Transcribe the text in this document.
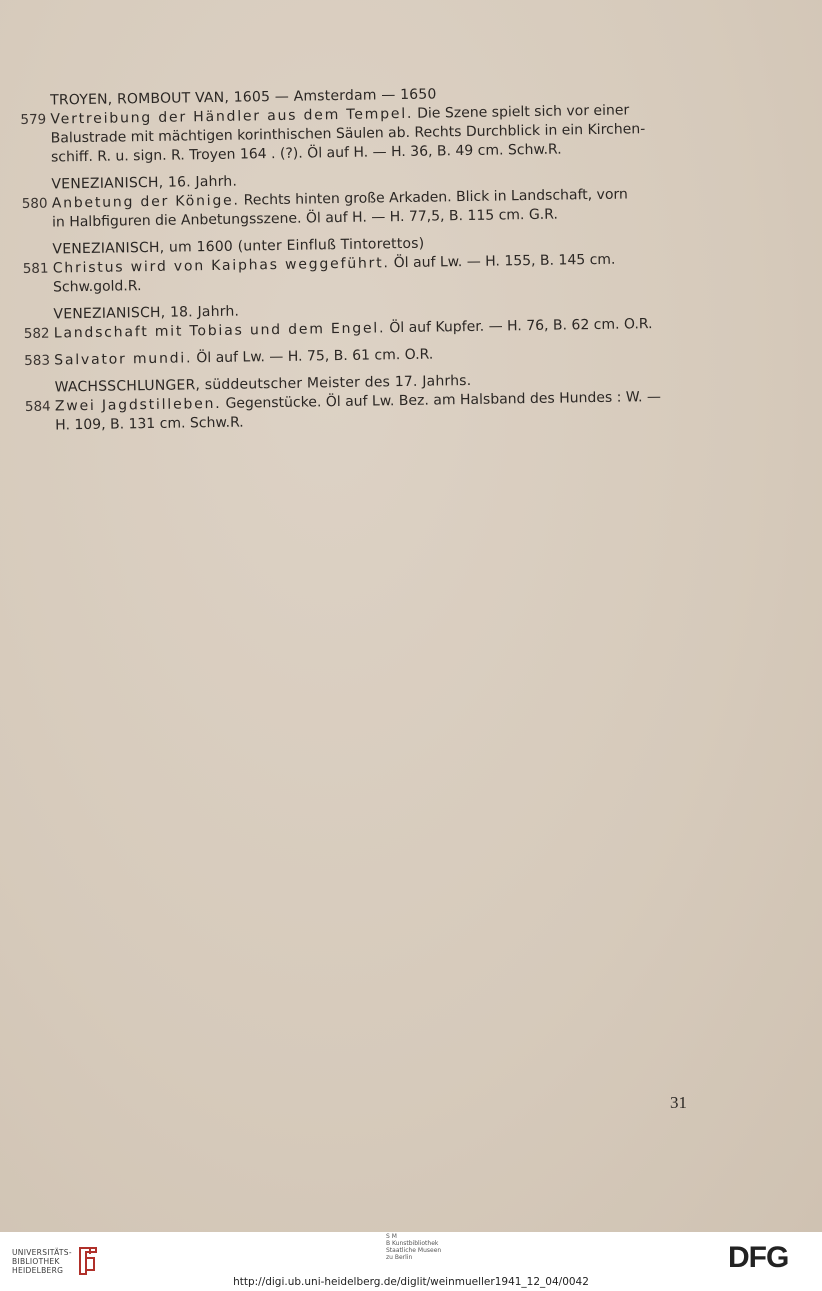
TROYEN, ROMBOUT VAN, 1605 — Amsterdam — 1650
579 Vertreibung der Händler aus dem Tempel. Die Szene spielt sich vor einer
Balustrade mit mächtigen korinthischen Säulen ab. Rechts Durchblick in ein Kirchen-
schiff. R. u. sign. R. Troyen 164 . (?). Öl auf H. — H. 36, B. 49 cm. Schw.R.
VENEZIANISCH, 16. Jahrh.
580 Anbetung der Könige. Rechts hinten große Arkaden. Blick in Landschaft, vorn
in Halbfiguren die Anbetungsszene. Öl auf H. — H. 77,5, B. 115 cm. G.R.
VENEZIANISCH, um 1600 (unter Einfluß Tintorettos)
581 Christus wird von Kaiphas weggeführt. Öl auf Lw. — H. 155, B. 145 cm.
Schw.gold.R.
VENEZIANISCH, 18. Jahrh.
582 Landschaft mit Tobias und dem Engel. Öl auf Kupfer. — H. 76, B. 62 cm. O.R.
583 Salvator mundi. Öl auf Lw. — H. 75, B. 61 cm. O.R.
WACHSSCHLUNGER, süddeutscher Meister des 17. Jahrhs.
584 Zwei Jagdstilleben. Gegenstücke. Öl auf Lw. Bez. am Halsband des Hundes : W. —
H. 109, B. 131 cm. Schw.R.
31
UNIVERSITÄTS-
BIBLIOTHEK
HEIDELBERG
S M
B Kunstbibliothek
Staatliche Museen
zu Berlin	DFG
http://digi.ub.uni-heidelberg.de/diglit/weinmueller1941_12_04/0042
